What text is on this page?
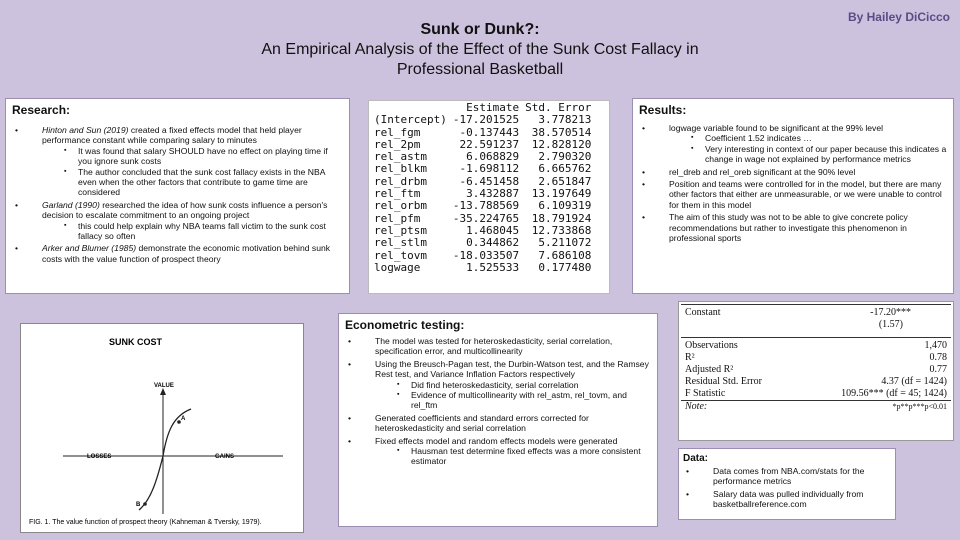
By Hailey DiCicco
Sunk or Dunk?:
An Empirical Analysis of the Effect of the Sunk Cost Fallacy in
Professional Basketball
Research:
• Hinton and Sun (2019) created a fixed effects model that held player performance constant while comparing salary to minutes
▪ It was found that salary SHOULD have no effect on playing time if you ignore sunk costs
▪ The author concluded that the sunk cost fallacy exists in the NBA even when the other factors that contribute to game time are considered
• Garland (1990) researched the idea of how sunk costs influence a person's decision to escalate commitment to an ongoing project
▪ this could help explain why NBA teams fall victim to the sunk cost fallacy so often
• Arker and Blumer (1985) demonstrate the economic motivation behind sunk costs with the value function of prospect theory
	Estimate	Std. Error
(Intercept)	-17.201525	3.778213
rel_fgm	-0.137443	38.570514
rel_2pm	22.591237	12.828120
rel_astm	6.068829	2.790320
rel_blkm	-1.698112	6.665762
rel_drbm	-6.451458	2.651847
rel_ftm	3.432887	13.197649
rel_orbm	-13.788569	6.109319
rel_pfm	-35.224765	18.791924
rel_ptsm	1.468045	12.733868
rel_stlm	0.344862	5.211072
rel_tovm	-18.033507	7.686108
logwage	1.525533	0.177480
Results:
• logwage variable found to be significant at the 99% level
▪ Coefficient 1.52 indicates …
▪ Very interesting in context of our paper because this indicates a change in wage not explained by performance metrics
• rel_dreb and rel_oreb significant at the 90% level
• Position and teams were controlled for in the model, but there are many other factors that either are unmeasurable, or we were unable to control for them in this model
• The aim of this study was not to be able to give concrete policy recommendations but rather to investigate this phenomenon in professional sports
SUNK COST
VALUE
LOSSES	GAINS
A
B
FIG. 1. The value function of prospect theory (Kahneman & Tversky, 1979).
Econometric testing:
• The model was tested for heteroskedasticity, serial correlation, specification error, and multicollinearity
• Using the Breusch-Pagan test, the Durbin-Watson test, and the Ramsey Rest test, and Variance Inflation Factors respectively
▪ Did find heteroskedasticity, serial correlation
▪ Evidence of multicollinearity with rel_astm, rel_tovm, and rel_ftm
• Generated coefficients and standard errors corrected for heteroskedasticity and serial correlation
• Fixed effects model and random effects models were generated
▪ Hausman test determine fixed effects was a more consistent estimator
Constant	-17.20***
	(1.57)

Observations	1,470
R²	0.78
Adjusted R²	0.77
Residual Std. Error	4.37 (df = 1424)
F Statistic	109.56*** (df = 45; 1424)
Note:	*p**p***p<0.01
Data:
• Data comes from NBA.com/stats for the performance metrics
• Salary data was pulled individually from basketballreference.com
